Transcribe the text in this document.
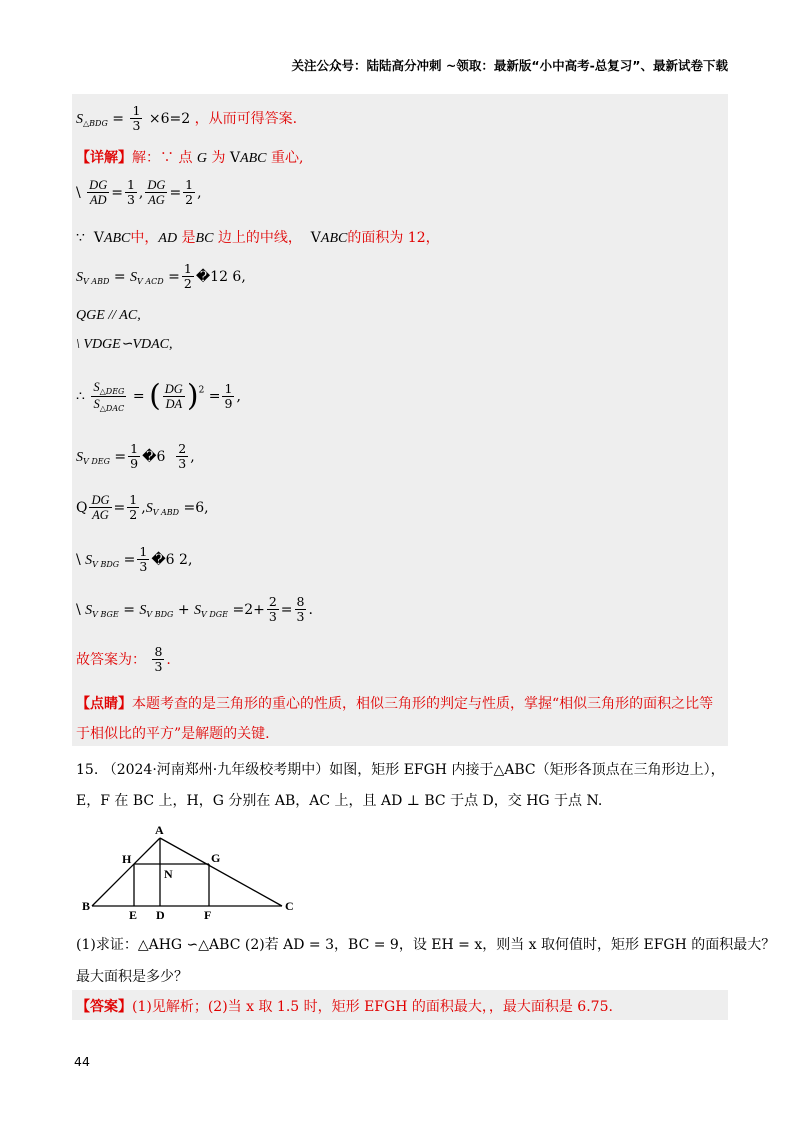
关注公众号：陆陆高分冲刺 ~领取：最新版“小中高考-总复习”、最新试卷下载
$S_{\triangle BDG} = \frac{1}{3} \times 6=2$ ，从而可得答案.
【详解】解：∵ 点 G 为 VABC 重心,
\ $\frac{DG}{AD} = \frac{1}{3}$ , $\frac{DG}{AG} = \frac{1}{2}$ ,
∵ VABC中，AD 是BC 边上的中线， VABC的面积为 12，
$S_{V ABD} = S_{V ACD} = \frac{1}{2}$ �12 6,
QGE // AC,
\ VDGE∽VDAC,
∴ $\frac{S_{\triangle DEG}}{S_{\triangle DAC}}$ = ( $\frac{DG}{DA} )^2 = \frac{1}{9}$ ,
$S_{V DEG} = \frac{1}{9}$ �6 $\frac{2}{3}$ ,
Q $\frac{DG}{AG} = \frac{1}{2} ,S_{V ABD} =6$,
\ $S_{V BDG} = \frac{1}{3}$ �6 2,
\ $S_{V BGE} = S_{V BDG} + S_{V DGE} =2+ \frac{2}{3} = \frac{8}{3}$ .
故答案为： $\frac{8}{3}$ .
【点睛】本题考查的是三角形的重心的性质，相似三角形的判定与性质，掌握“相似三角形的面积之比等
于相似比的平方”是解题的关键.
15. （2024·河南郑州·九年级校考期中）如图，矩形 EFGH 内接于△ABC（矩形各顶点在三角形边上），
E，F 在 BC 上，H，G 分别在 AB，AC 上，且 AD ⊥ BC 于点 D，交 HG 于点 N.
A
H	G
N
B
E D	F
C
(1)求证：△AHG ∽△ABC (2)若 AD = 3，BC = 9，设 EH = x，则当 x 取何值时，矩形 EFGH 的面积最大？
最大面积是多少？
【答案】(1)见解析；(2)当 x 取 1.5 时，矩形 EFGH 的面积最大，，最大面积是 6.75.
44
